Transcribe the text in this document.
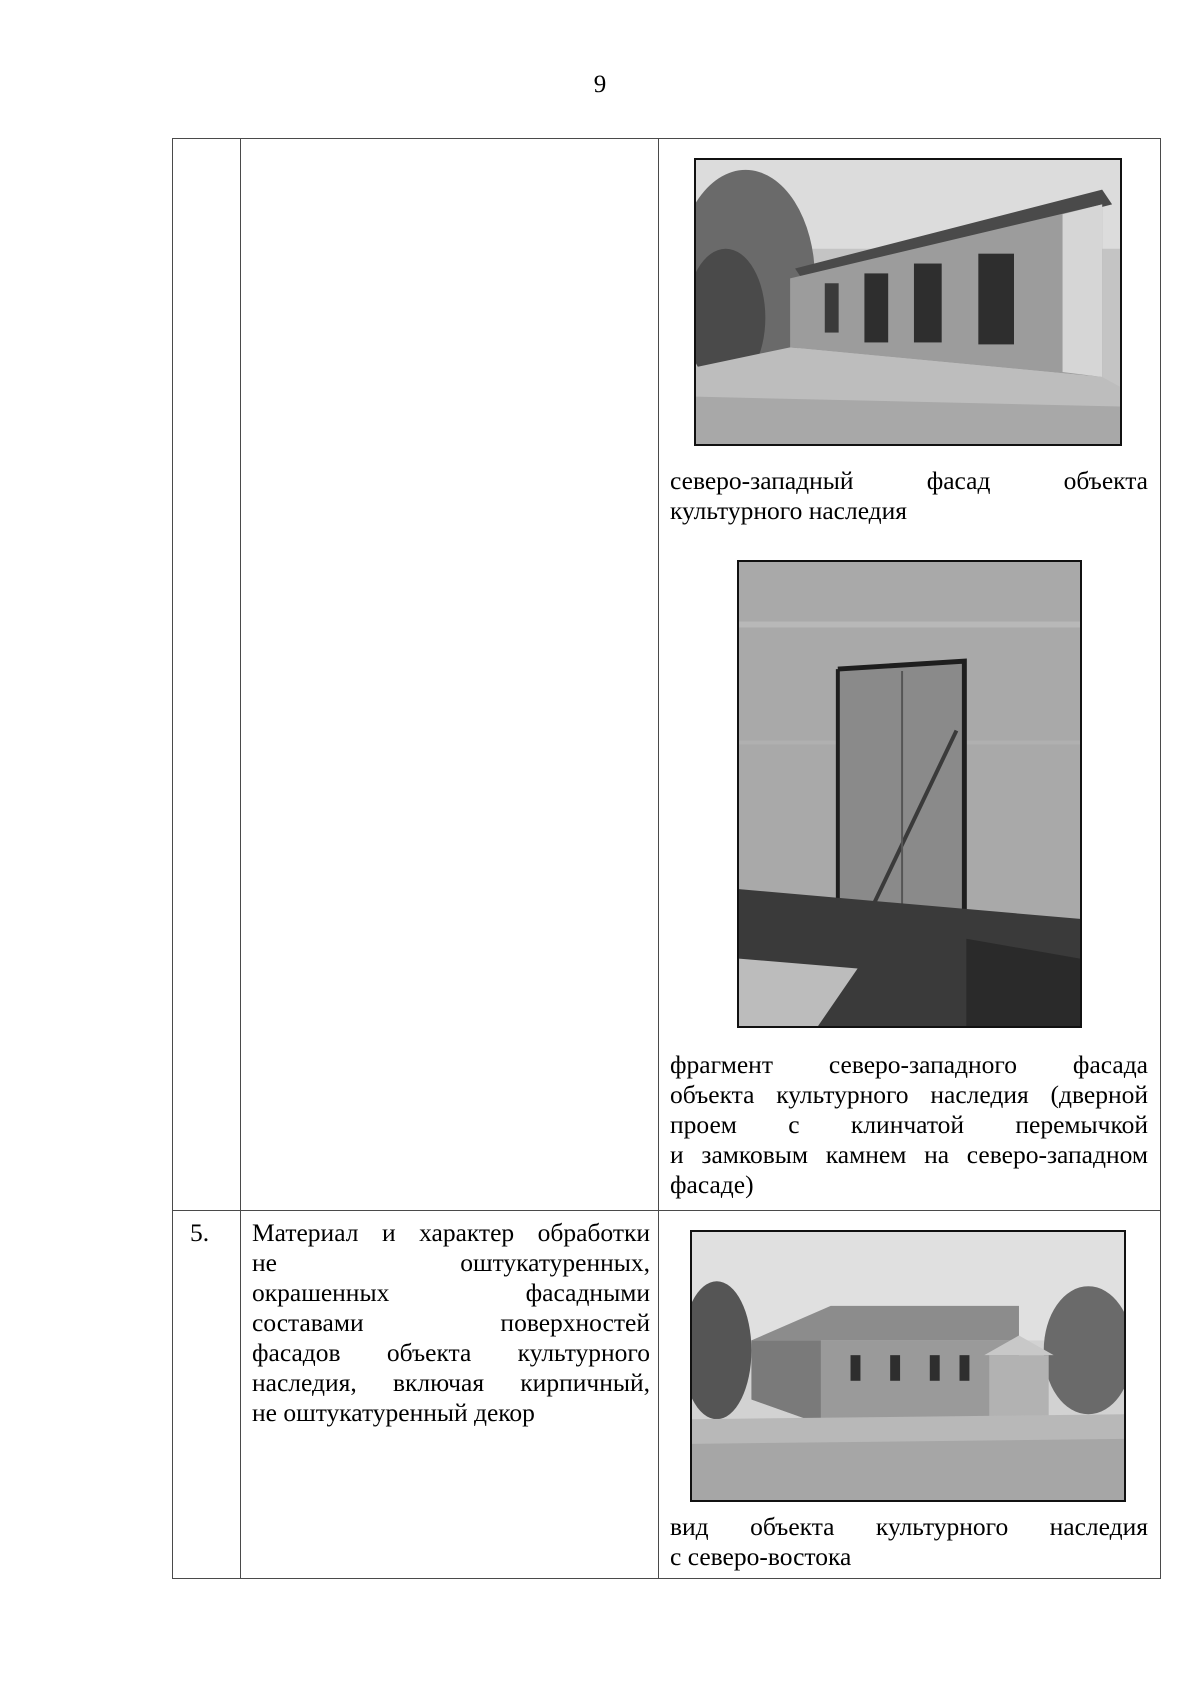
9
северо-западный фасад объекта
культурного наследия
фрагмент северо-западного фасада
объекта культурного наследия (дверной
проем с клинчатой перемычкой
и замковым камнем на северо-западном
фасаде)
5.	Материал и характер обработки
не оштукатуренных,
окрашенных фасадными
составами поверхностей
фасадов объекта культурного
наследия, включая кирпичный,
не оштукатуренный декор
вид объекта культурного наследия
с северо-востока
